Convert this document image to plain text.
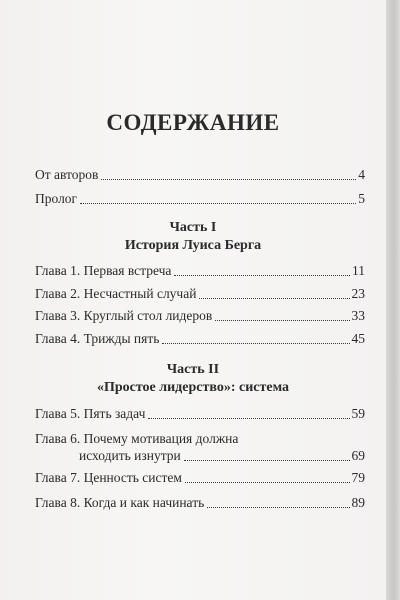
СОДЕРЖАНИЕ
От авторов	4
Пролог	5
Часть I
История Луиса Берга
Глава 1. Первая встреча	11
Глава 2. Несчастный случай	23
Глава 3. Круглый стол лидеров	33
Глава 4. Трижды пять	45
Часть II
«Простое лидерство»: система
Глава 5. Пять задач	59
Глава 6. Почему мотивация должна
исходить изнутри	69
Глава 7. Ценность систем	79
Глава 8. Когда и как начинать	89
